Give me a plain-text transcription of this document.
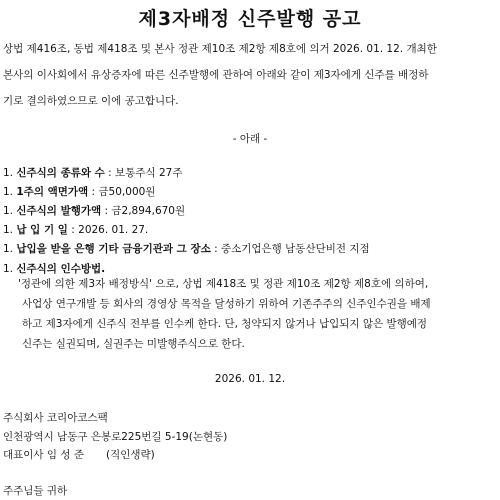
제3자배정 신주발행 공고
상법 제416조, 동법 제418조 및 본사 정관 제10조 제2항 제8호에 의거 2026. 01. 12. 개최한
본사의 이사회에서 유상증자에 따른 신주발행에 관하여 아래와 같이 제3자에게 신주를 배정하
기로 결의하였으므로 이에 공고합니다.
- 아래 -
1. 신주식의 종류와 수 : 보통주식 27주
1. 1주의 액면가액 : 금50,000원
1. 신주식의 발행가액 : 금2,894,670원
1. 납 입 기 일 : 2026. 01. 27.
1. 납입을 받을 은행 기타 금융기관과 그 장소 : 중소기업은행 남동산단비전 지점
1. 신주식의 인수방법.
'정관에 의한 제3자 배정방식' 으로, 상법 제418조 및 정관 제10조 제2항 제8호에 의하여,
사업상 연구개발 등 회사의 경영상 목적을 달성하기 위하여 기존주주의 신주인수권을 배제
하고 제3자에게 신주식 전부를 인수케 한다. 단, 청약되지 않거나 납입되지 않은 발행예정
신주는 실권되며, 실권주는 미발행주식으로 한다.
2026. 01. 12.
주식회사 코리아코스팩
인천광역시 남동구 은봉로225번길 5-19(논현동)
대표이사 임 성 준 (직인생략)
주주님들 귀하
